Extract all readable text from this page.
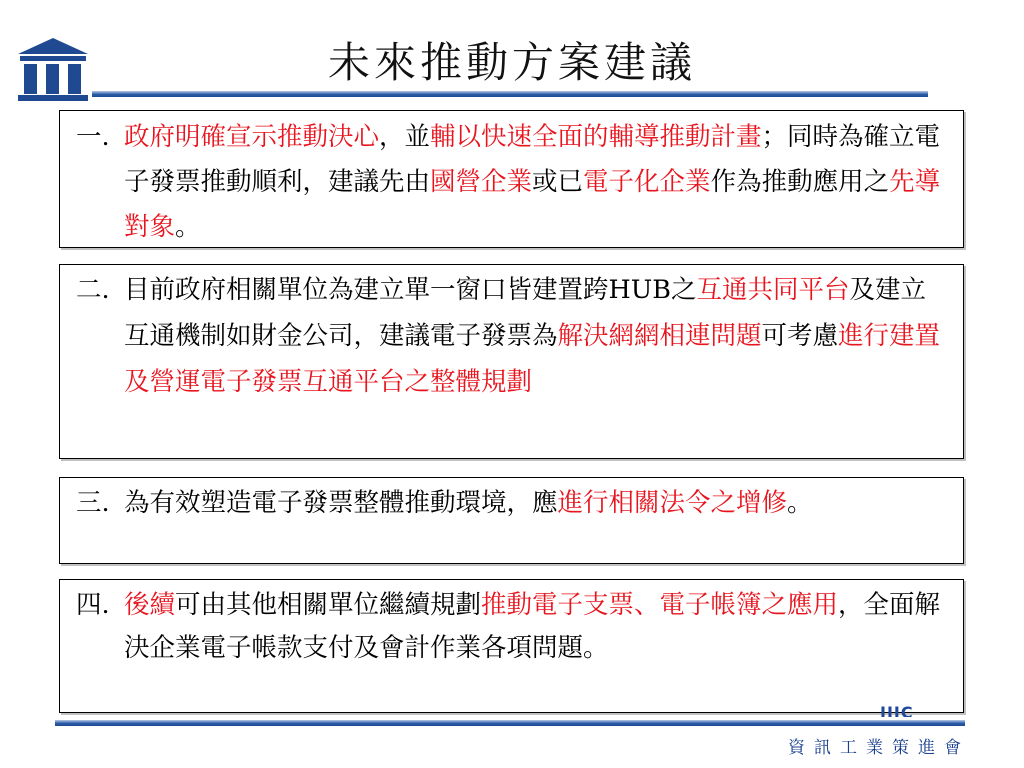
未來推動方案建議
一. 政府明確宣示推動決心，並輔以快速全面的輔導推動計畫；同時為確立電子發票推動順利，建議先由國營企業或已電子化企業作為推動應用之先導對象。
二. 目前政府相關單位為建立單一窗口皆建置跨HUB之互通共同平台及建立互通機制如財金公司，建議電子發票為解決網網相連問題可考慮進行建置及營運電子發票互通平台之整體規劃
三. 為有效塑造電子發票整體推動環境，應進行相關法令之增修。
四. 後續可由其他相關單位繼續規劃推動電子支票、電子帳簿之應用，全面解決企業電子帳款支付及會計作業各項問題。
IIIC
資訊工業策進會
